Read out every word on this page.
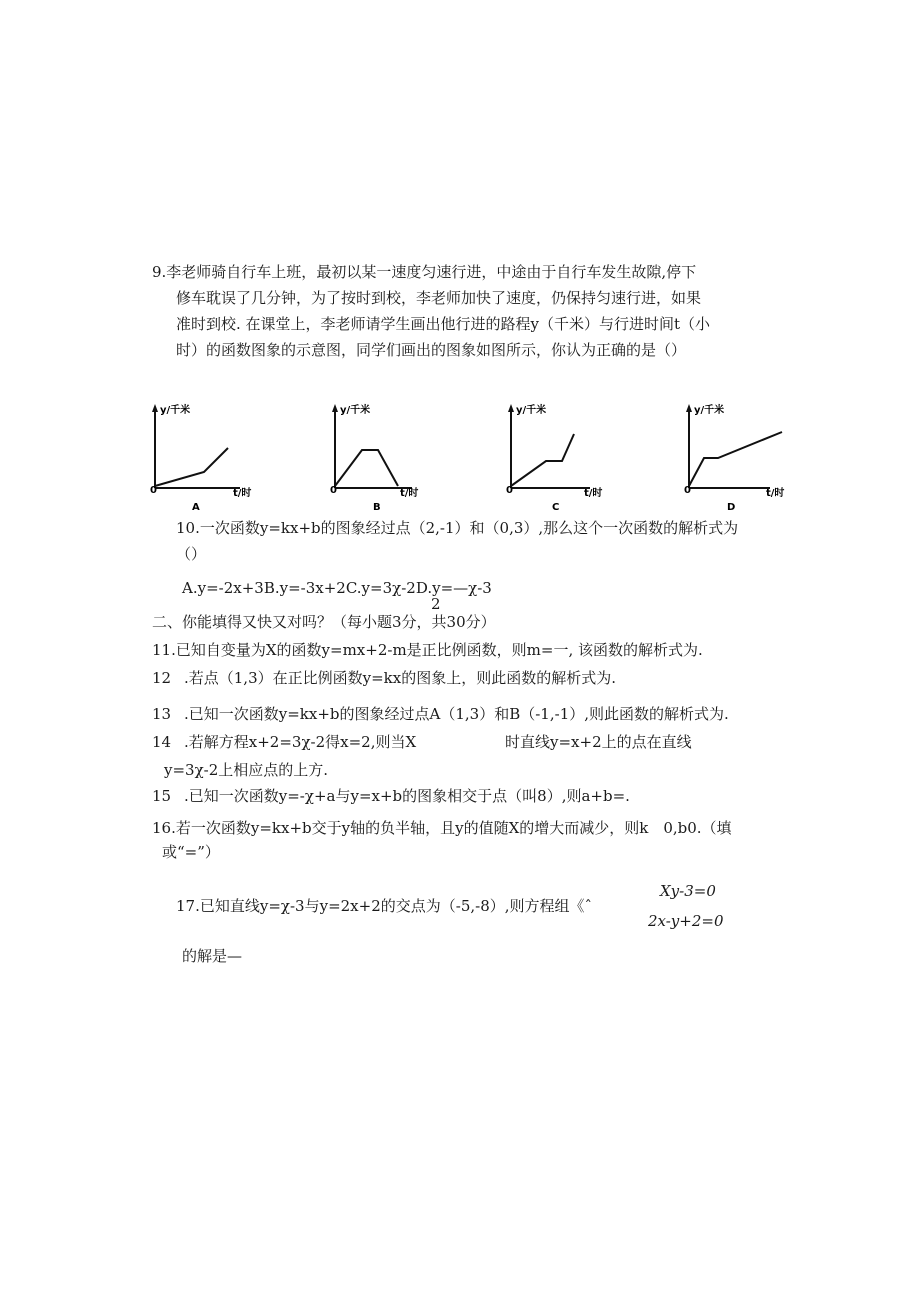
9.李老师骑自行车上班，最初以某一速度匀速行进，中途由于自行车发生故隙,停下
修车耽误了几分钟，为了按时到校，李老师加快了速度，仍保持匀速行进，如果
准时到校. 在课堂上，李老师请学生画出他行进的路程y（千米）与行进时间t（小
时）的函数图象的示意图，同学们画出的图象如图所示，你认为正确的是（）
y/千米
0	t/时
A
y/千米
0	t/时
B
y/千米
0	t/时
C
y/千米
0	t/时
D
10.一次函数y=kx+b的图象经过点（2,-1）和（0,3）,那么这个一次函数的解析式为
（）
A.y=-2x+3B.y=-3x+2C.y=3χ-2D.y=—χ-3
2
二、你能填得又快又对吗？（每小题3分，共30分）
11.已知自变量为X的函数y=mx+2-m是正比例函数，则m=一, 该函数的解析式为.
12 .若点（1,3）在正比例函数y=kx的图象上，则此函数的解析式为.
13 .已知一次函数y=kx+b的图象经过点A（1,3）和B（-1,-1）,则此函数的解析式为.
14 .若解方程x+2=3χ-2得x=2,则当X	时直线y=x+2上的点在直线
y=3χ-2上相应点的上方.
15 .已知一次函数y=-χ+a与y=x+b的图象相交于点（叫8）,则a+b=.
16.若一次函数y=kx+b交于y轴的负半轴，且y的值随X的增大而减少，则k　0,b0.（填
或“=”）
Xy-3=0
17.已知直线y=χ-3与y=2x+2的交点为（-5,-8）,则方程组《ˆ
2x-y+2=0
的解是—
